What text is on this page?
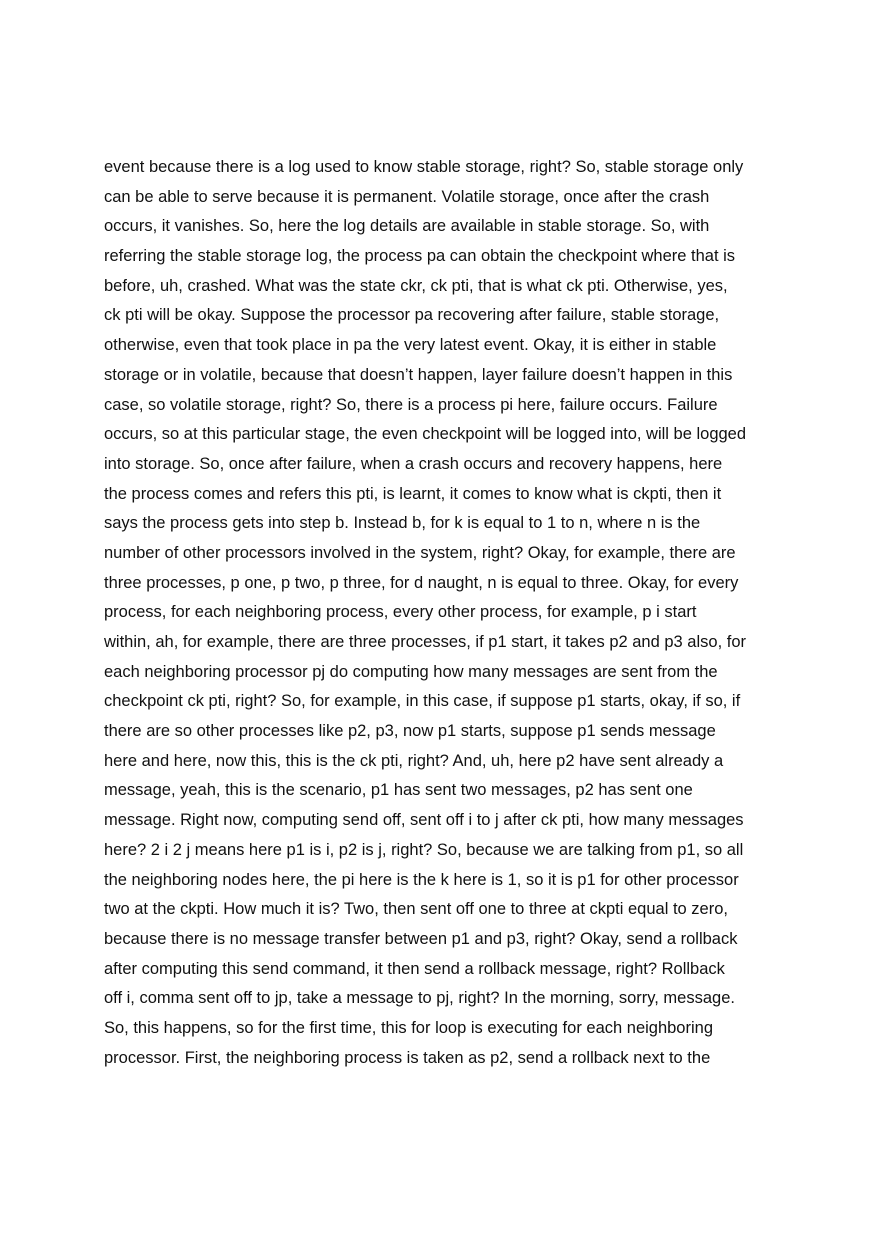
event because there is a log used to know stable storage, right? So, stable storage only
can be able to serve because it is permanent. Volatile storage, once after the crash
occurs, it vanishes. So, here the log details are available in stable storage. So, with
referring the stable storage log, the process pa can obtain the checkpoint where that is
before, uh, crashed. What was the state ckr, ck pti, that is what ck pti. Otherwise, yes,
ck pti will be okay. Suppose the processor pa recovering after failure, stable storage,
otherwise, even that took place in pa the very latest event. Okay, it is either in stable
storage or in volatile, because that doesn’t happen, layer failure doesn’t happen in this
case, so volatile storage, right? So, there is a process pi here, failure occurs. Failure
occurs, so at this particular stage, the even checkpoint will be logged into, will be logged
into storage. So, once after failure, when a crash occurs and recovery happens, here
the process comes and refers this pti, is learnt, it comes to know what is ckpti, then it
says the process gets into step b. Instead b, for k is equal to 1 to n, where n is the
number of other processors involved in the system, right? Okay, for example, there are
three processes, p one, p two, p three, for d naught, n is equal to three. Okay, for every
process, for each neighboring process, every other process, for example, p i start
within, ah, for example, there are three processes, if p1 start, it takes p2 and p3 also, for
each neighboring processor pj do computing how many messages are sent from the
checkpoint ck pti, right? So, for example, in this case, if suppose p1 starts, okay, if so, if
there are so other processes like p2, p3, now p1 starts, suppose p1 sends message
here and here, now this, this is the ck pti, right? And, uh, here p2 have sent already a
message, yeah, this is the scenario, p1 has sent two messages, p2 has sent one
message. Right now, computing send off, sent off i to j after ck pti, how many messages
here? 2 i 2 j means here p1 is i, p2 is j, right? So, because we are talking from p1, so all
the neighboring nodes here, the pi here is the k here is 1, so it is p1 for other processor
two at the ckpti. How much it is? Two, then sent off one to three at ckpti equal to zero,
because there is no message transfer between p1 and p3, right? Okay, send a rollback
after computing this send command, it then send a rollback message, right? Rollback
off i, comma sent off to jp, take a message to pj, right? In the morning, sorry, message.
So, this happens, so for the first time, this for loop is executing for each neighboring
processor. First, the neighboring process is taken as p2, send a rollback next to the
